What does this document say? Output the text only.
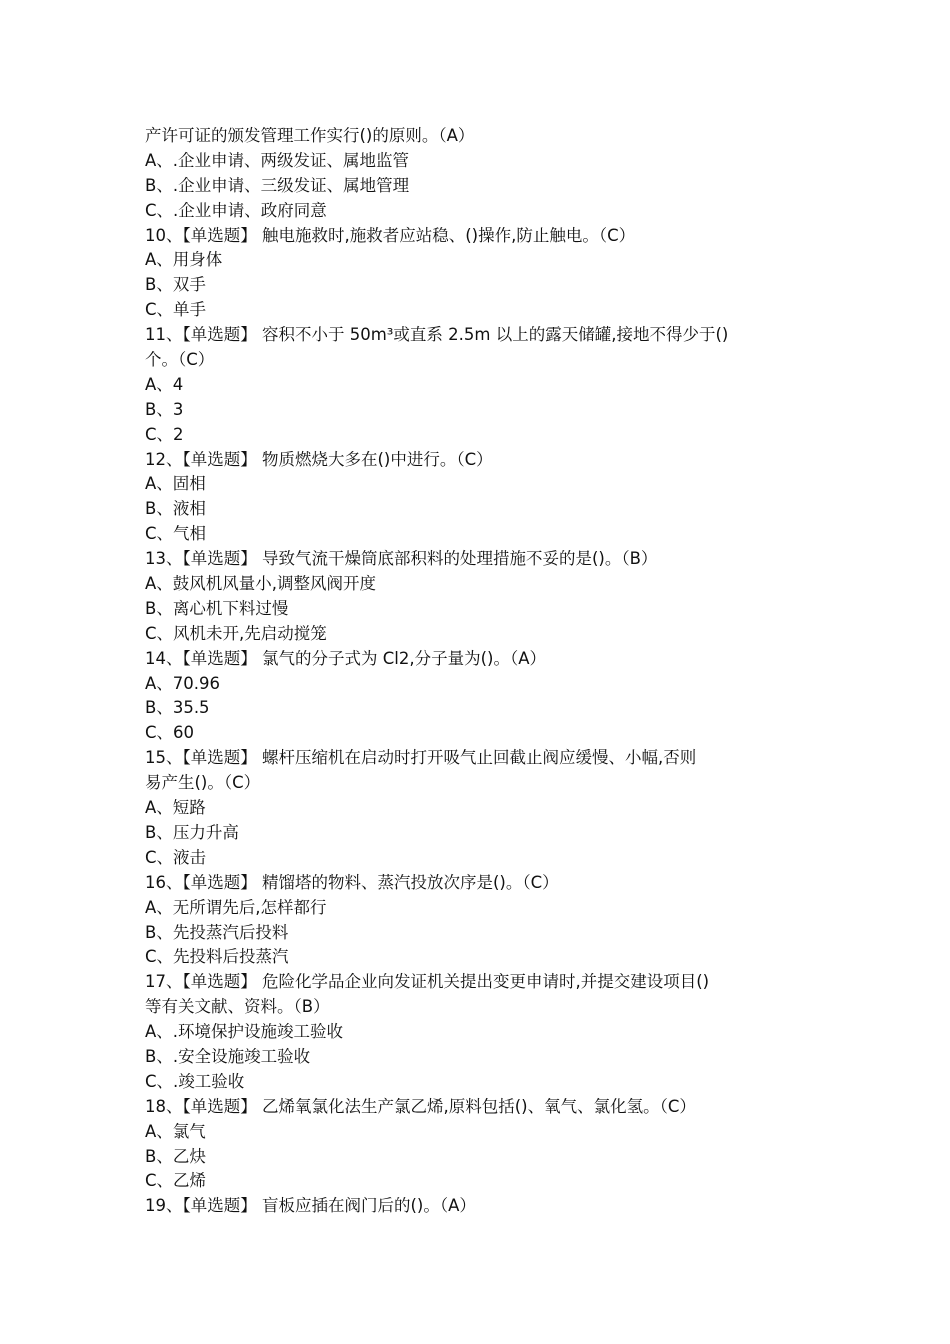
产许可证的颁发管理工作实行()的原则。（A）
A、.企业申请、两级发证、属地监管
B、.企业申请、三级发证、属地管理
C、.企业申请、政府同意
10、【单选题】 触电施救时,施救者应站稳、()操作,防止触电。（C）
A、用身体
B、双手
C、单手
11、【单选题】 容积不小于 50m³或直系 2.5m 以上的露天储罐,接地不得少于()
个。（C）
A、4
B、3
C、2
12、【单选题】 物质燃烧大多在()中进行。（C）
A、固相
B、液相
C、气相
13、【单选题】 导致气流干燥筒底部积料的处理措施不妥的是()。（B）
A、鼓风机风量小,调整风阀开度
B、离心机下料过慢
C、风机未开,先启动搅笼
14、【单选题】 氯气的分子式为 Cl2,分子量为()。（A）
A、70.96
B、35.5
C、60
15、【单选题】 螺杆压缩机在启动时打开吸气止回截止阀应缓慢、小幅,否则
易产生()。（C）
A、短路
B、压力升高
C、液击
16、【单选题】 精馏塔的物料、蒸汽投放次序是()。（C）
A、无所谓先后,怎样都行
B、先投蒸汽后投料
C、先投料后投蒸汽
17、【单选题】 危险化学品企业向发证机关提出变更申请时,并提交建设项目()
等有关文献、资料。（B）
A、.环境保护设施竣工验收
B、.安全设施竣工验收
C、.竣工验收
18、【单选题】 乙烯氧氯化法生产氯乙烯,原料包括()、氧气、氯化氢。（C）
A、氯气
B、乙炔
C、乙烯
19、【单选题】 盲板应插在阀门后的()。（A）
